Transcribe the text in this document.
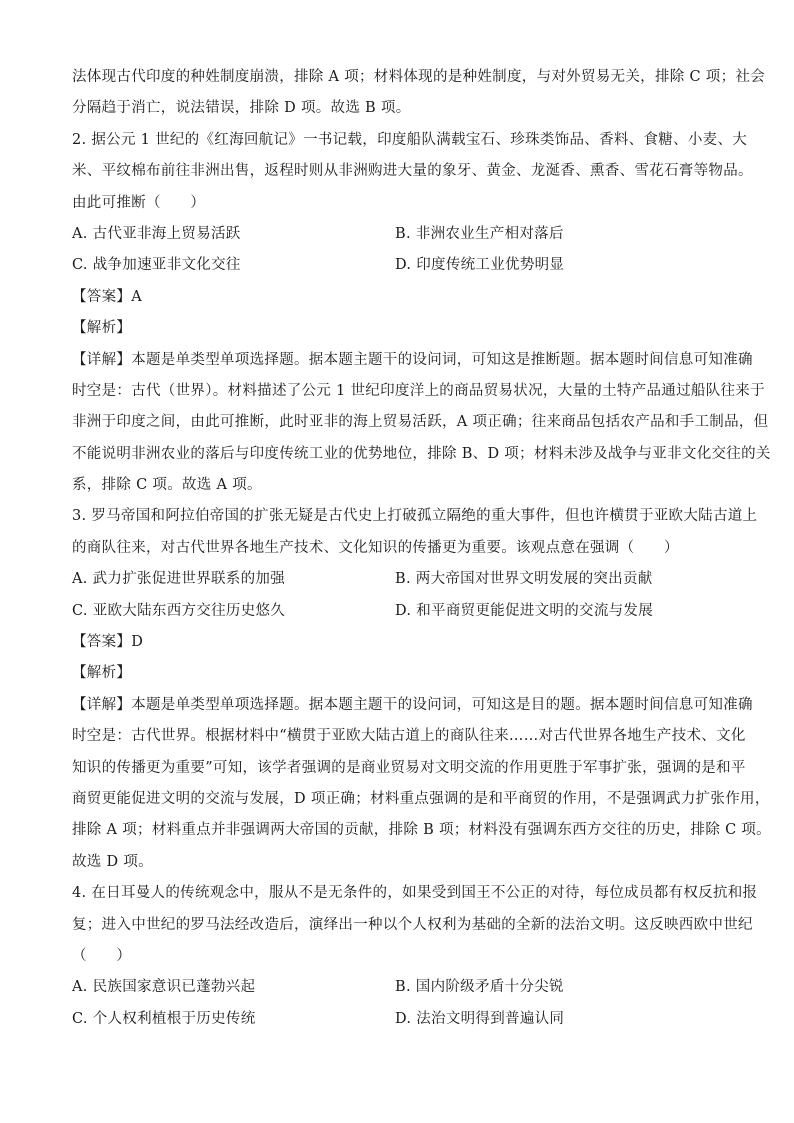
法体现古代印度的种姓制度崩溃，排除 A 项；材料体现的是种姓制度，与对外贸易无关，排除 C 项；社会
分隔趋于消亡，说法错误，排除 D 项。故选 B 项。
2. 据公元 1 世纪的《红海回航记》一书记载，印度船队满载宝石、珍珠类饰品、香料、食糖、小麦、大
米、平纹棉布前往非洲出售，返程时则从非洲购进大量的象牙、黄金、龙涎香、熏香、雪花石膏等物品。
由此可推断（　　）
A. 古代亚非海上贸易活跃	B. 非洲农业生产相对落后
C. 战争加速亚非文化交往	D. 印度传统工业优势明显
【答案】A
【解析】
【详解】本题是单类型单项选择题。据本题主题干的设问词，可知这是推断题。据本题时间信息可知准确
时空是：古代（世界）。材料描述了公元 1 世纪印度洋上的商品贸易状况，大量的土特产品通过船队往来于
非洲于印度之间，由此可推断，此时亚非的海上贸易活跃，A 项正确；往来商品包括农产品和手工制品，但
不能说明非洲农业的落后与印度传统工业的优势地位，排除 B、D 项；材料未涉及战争与亚非文化交往的关
系，排除 C 项。故选 A 项。
3. 罗马帝国和阿拉伯帝国的扩张无疑是古代史上打破孤立隔绝的重大事件，但也许横贯于亚欧大陆古道上
的商队往来，对古代世界各地生产技术、文化知识的传播更为重要。该观点意在强调（　　）
A. 武力扩张促进世界联系的加强	B. 两大帝国对世界文明发展的突出贡献
C. 亚欧大陆东西方交往历史悠久	D. 和平商贸更能促进文明的交流与发展
【答案】D
【解析】
【详解】本题是单类型单项选择题。据本题主题干的设问词，可知这是目的题。据本题时间信息可知准确
时空是：古代世界。根据材料中“横贯于亚欧大陆古道上的商队往来……对古代世界各地生产技术、文化
知识的传播更为重要”可知，该学者强调的是商业贸易对文明交流的作用更胜于军事扩张，强调的是和平
商贸更能促进文明的交流与发展，D 项正确；材料重点强调的是和平商贸的作用，不是强调武力扩张作用，
排除 A 项；材料重点并非强调两大帝国的贡献，排除 B 项；材料没有强调东西方交往的历史，排除 C 项。
故选 D 项。
4. 在日耳曼人的传统观念中，服从不是无条件的，如果受到国王不公正的对待，每位成员都有权反抗和报
复；进入中世纪的罗马法经改造后，演绎出一种以个人权利为基础的全新的法治文明。这反映西欧中世纪
（　　）
A. 民族国家意识已蓬勃兴起	B. 国内阶级矛盾十分尖锐
C. 个人权利植根于历史传统	D. 法治文明得到普遍认同
